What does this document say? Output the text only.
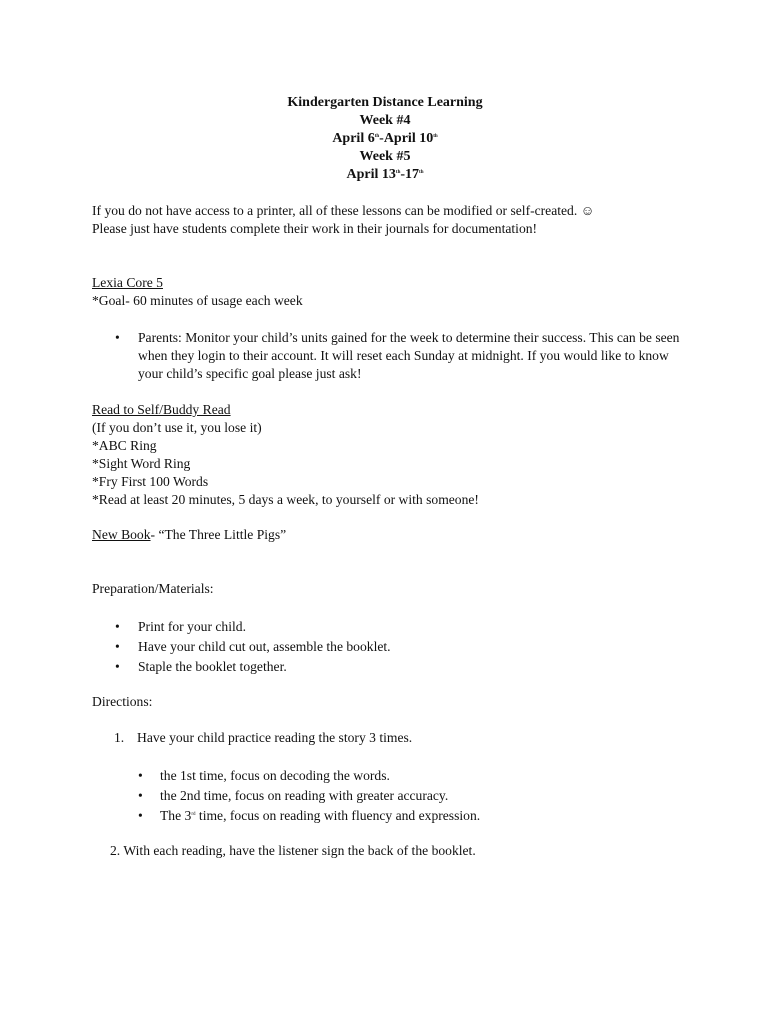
Kindergarten Distance Learning
Week #4
April 6th-April 10th
Week #5
April 13th-17th
If you do not have access to a printer, all of these lessons can be modified or self-created. ☺
Please just have students complete their work in their journals for documentation!
Lexia Core 5
*Goal- 60 minutes of usage each week
• Parents: Monitor your child’s units gained for the week to determine their success. This can be seen when they login to their account. It will reset each Sunday at midnight. If you would like to know your child’s specific goal please just ask!
Read to Self/Buddy Read
(If you don’t use it, you lose it)
*ABC Ring
*Sight Word Ring
*Fry First 100 Words
*Read at least 20 minutes, 5 days a week, to yourself or with someone!
New Book- “The Three Little Pigs”
Preparation/Materials:
• Print for your child.
• Have your child cut out, assemble the booklet.
• Staple the booklet together.
Directions:
1. Have your child practice reading the story 3 times.
• the 1st time, focus on decoding the words.
• the 2nd time, focus on reading with greater accuracy.
• The 3rd time, focus on reading with fluency and expression.
2. With each reading, have the listener sign the back of the booklet.
